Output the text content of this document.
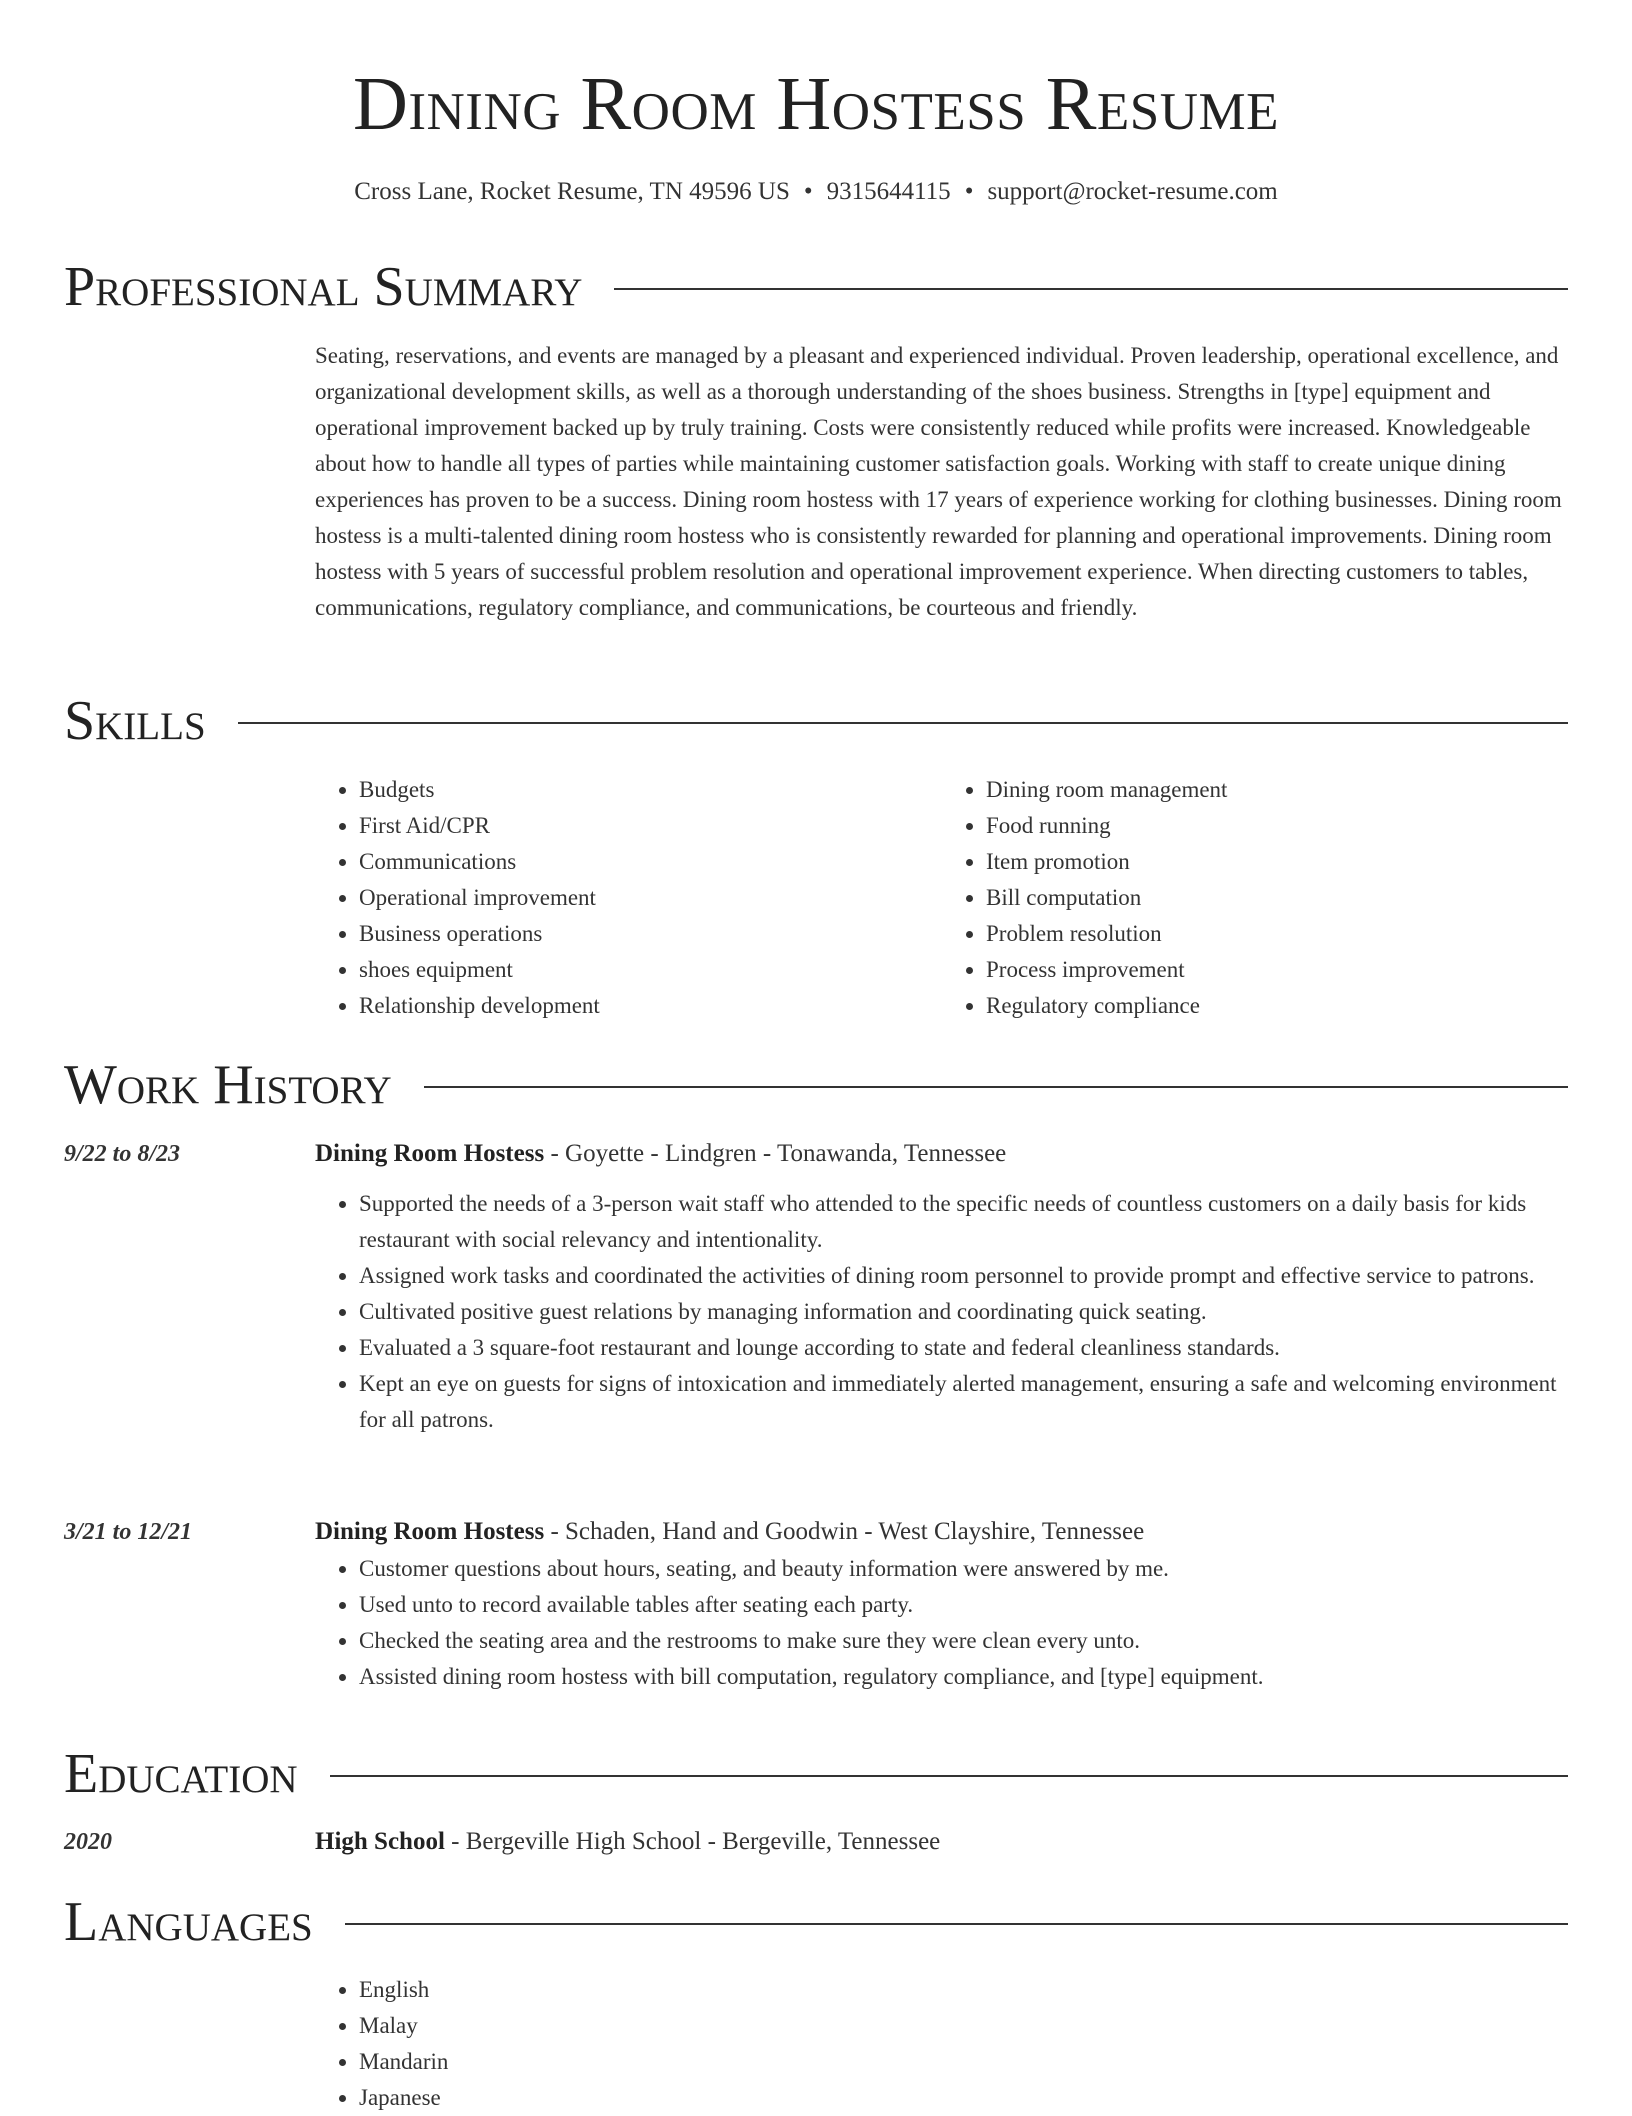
Dining Room Hostess Resume
Cross Lane, Rocket Resume, TN 49596 US • 9315644115 • support@rocket-resume.com
Professional Summary

Seating, reservations, and events are managed by a pleasant and experienced individual. Proven leadership, operational excellence, and organizational development skills, as well as a thorough understanding of the shoes business. Strengths in [type] equipment and operational improvement backed up by truly training. Costs were consistently reduced while profits were increased. Knowledgeable about how to handle all types of parties while maintaining customer satisfaction goals. Working with staff to create unique dining experiences has proven to be a success. Dining room hostess with 17 years of experience working for clothing businesses. Dining room hostess is a multi-talented dining room hostess who is consistently rewarded for planning and operational improvements. Dining room hostess with 5 years of successful problem resolution and operational improvement experience. When directing customers to tables, communications, regulatory compliance, and communications, be courteous and friendly.

Skills
• Budgets
• First Aid/CPR
• Communications
• Operational improvement
• Business operations
• shoes equipment
• Relationship development
• Dining room management
• Food running
• Item promotion
• Bill computation
• Problem resolution
• Process improvement
• Regulatory compliance
Work History
9/22 to 8/23	Dining Room Hostess - Goyette - Lindgren - Tonawanda, Tennessee
• Supported the needs of a 3-person wait staff who attended to the specific needs of countless customers on a daily basis for kids restaurant with social relevancy and intentionality.
• Assigned work tasks and coordinated the activities of dining room personnel to provide prompt and effective service to patrons.
• Cultivated positive guest relations by managing information and coordinating quick seating.
• Evaluated a 3 square-foot restaurant and lounge according to state and federal cleanliness standards.
• Kept an eye on guests for signs of intoxication and immediately alerted management, ensuring a safe and welcoming environment for all patrons.
3/21 to 12/21	Dining Room Hostess - Schaden, Hand and Goodwin - West Clayshire, Tennessee
• Customer questions about hours, seating, and beauty information were answered by me.
• Used unto to record available tables after seating each party.
• Checked the seating area and the restrooms to make sure they were clean every unto.
• Assisted dining room hostess with bill computation, regulatory compliance, and [type] equipment.
Education
2020	High School - Bergeville High School - Bergeville, Tennessee
Languages
• English
• Malay
• Mandarin
• Japanese
